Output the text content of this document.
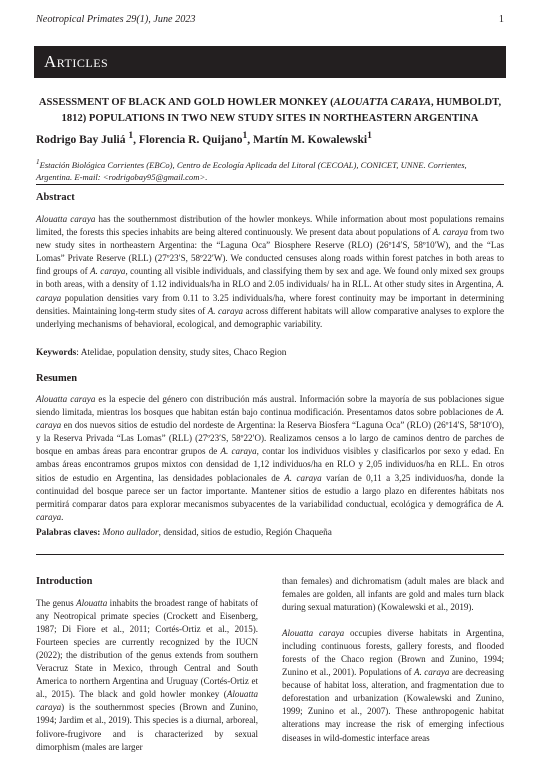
Neotropical Primates 29(1), June 2023	1
Articles
ASSESSMENT OF BLACK AND GOLD HOWLER MONKEY (ALOUATTA CARAYA, HUMBOLDT,
1812) POPULATIONS IN TWO NEW STUDY SITES IN NORTHEASTERN ARGENTINA
Rodrigo Bay Juliá $^1$, Florencia R. Quijano$^1$, Martín M. Kowalewski$^1$
$^1$Estación Biológica Corrientes (EBCo), Centro de Ecología Aplicada del Litoral (CECOAL), CONICET, UNNE. Corrientes,
Argentina. E-mail: <rodrigobay95@gmail.com>.
Abstract
Alouatta caraya has the southernmost distribution of the howler monkeys. While information about most populations remains limited, the forests this species inhabits are being altered continuously. We present data about populations of A. caraya from two new study sites in northeastern Argentina: the “Laguna Oca” Biosphere Reserve (RLO) (26º14′S, 58º10′W), and the “Las Lomas” Private Reserve (RLL) (27º23′S, 58º22′W). We conducted censuses along roads within forest patches in both areas to find groups of A. caraya, counting all visible individuals, and classifying them by sex and age. We found only mixed sex groups in both areas, with a density of 1.12 individuals/ha in RLO and 2.05 individuals/ ha in RLL. At other study sites in Argentina, A. caraya population densities vary from 0.11 to 3.25 individuals/ha, where forest continuity may be important in determining densities. Maintaining long-term study sites of A. caraya across different habitats will allow comparative analyses to explore the underlying mechanisms of behavioral, ecological, and demographic variability.
Keywords: Atelidae, population density, study sites, Chaco Region
Resumen
Alouatta caraya es la especie del género con distribución más austral. Información sobre la mayoría de sus poblaciones sigue siendo limitada, mientras los bosques que habitan están bajo continua modificación. Presentamos datos sobre poblaciones de A. caraya en dos nuevos sitios de estudio del nordeste de Argentina: la Reserva Biosfera “Laguna Oca” (RLO) (26º14′S, 58º10′O), y la Reserva Privada “Las Lomas” (RLL) (27º23′S, 58º22′O). Realizamos censos a lo largo de caminos dentro de parches de bosque en ambas áreas para encontrar grupos de A. caraya, contar los individuos visibles y clasificarlos por sexo y edad. En ambas áreas encontramos grupos mixtos con densidad de 1,12 individuos/ha en RLO y 2,05 individuos/ha en RLL. En otros sitios de estudio en Argentina, las densidades poblacionales de A. caraya varían de 0,11 a 3,25 individuos/ha, donde la continuidad del bosque parece ser un factor importante. Mantener sitios de estudio a largo plazo en diferentes hábitats nos permitirá comparar datos para explorar mecanismos subyacentes de la variabilidad conductual, ecológica y demográfica de A. caraya.
Palabras claves: Mono aullador, densidad, sitios de estudio, Región Chaqueña
Introduction

The genus Alouatta inhabits the broadest range of habitats of any Neotropical primate species (Crockett and Eisenberg, 1987; Di Fiore et al., 2011; Cortés-Ortiz et al., 2015). Fourteen species are currently recognized by the IUCN (2022); the distribution of the genus extends from southern Veracruz State in Mexico, through Central and South America to northern Argentina and Uruguay (Cortés-Ortiz et al., 2015). The black and gold howler monkey (Alouatta caraya) is the southernmost species (Brown and Zunino, 1994; Jardim et al., 2019). This species is a diurnal, arboreal, folivore-frugivore and is characterized by sexual dimorphism (males are larger

than females) and dichromatism (adult males are black and females are golden, all infants are gold and males turn black during sexual maturation) (Kowalewski et al., 2019).

Alouatta caraya occupies diverse habitats in Argentina, including continuous forests, gallery forests, and flooded forests of the Chaco region (Brown and Zunino, 1994; Zunino et al., 2001). Populations of A. caraya are decreasing because of habitat loss, alteration, and fragmentation due to deforestation and urbanization (Kowalewski and Zunino, 1999; Zunino et al., 2007). These anthropogenic habitat alterations may increase the risk of emerging infectious diseases in wild-domestic interface areas
